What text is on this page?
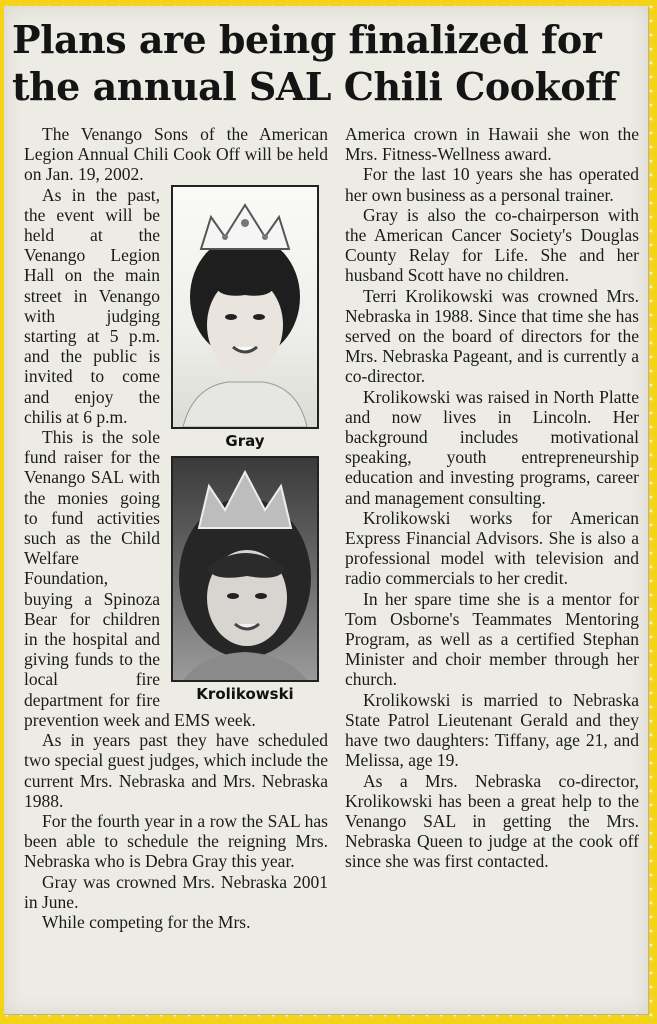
Plans are being finalized for the annual SAL Chili Cookoff

The Venango Sons of the American Legion Annual Chili Cook Off will be held on Jan. 19, 2002.

Gray
Krolikowski

As in the past, the event will be held at the Venango Legion Hall on the main street in Venango with judging starting at 5 p.m. and the public is invited to come and enjoy the chilis at 6 p.m.

This is the sole fund raiser for the Venango SAL with the monies going to fund activities such as the Child Welfare Foundation, buying a Spinoza Bear for children in the hospital and giving funds to the local fire department for fire prevention week and EMS week.

As in years past they have scheduled two special guest judges, which include the current Mrs. Nebraska and Mrs. Nebraska 1988.

For the fourth year in a row the SAL has been able to schedule the reigning Mrs. Nebraska who is Debra Gray this year.

Gray was crowned Mrs. Nebraska 2001 in June.

While competing for the Mrs.

America crown in Hawaii she won the Mrs. Fitness-Wellness award.

For the last 10 years she has operated her own business as a personal trainer.

Gray is also the co-chairperson with the American Cancer Society's Douglas County Relay for Life. She and her husband Scott have no children.

Terri Krolikowski was crowned Mrs. Nebraska in 1988. Since that time she has served on the board of directors for the Mrs. Nebraska Pageant, and is currently a co-director.

Krolikowski was raised in North Platte and now lives in Lincoln. Her background includes motivational speaking, youth entrepreneurship education and investing programs, career and management consulting.

Krolikowski works for American Express Financial Advisors. She is also a professional model with television and radio commercials to her credit.

In her spare time she is a mentor for Tom Osborne's Teammates Mentoring Program, as well as a certified Stephan Minister and choir member through her church.

Krolikowski is married to Nebraska State Patrol Lieutenant Gerald and they have two daughters: Tiffany, age 21, and Melissa, age 19.

As a Mrs. Nebraska co-director, Krolikowski has been a great help to the Venango SAL in getting the Mrs. Nebraska Queen to judge at the cook off since she was first contacted.
